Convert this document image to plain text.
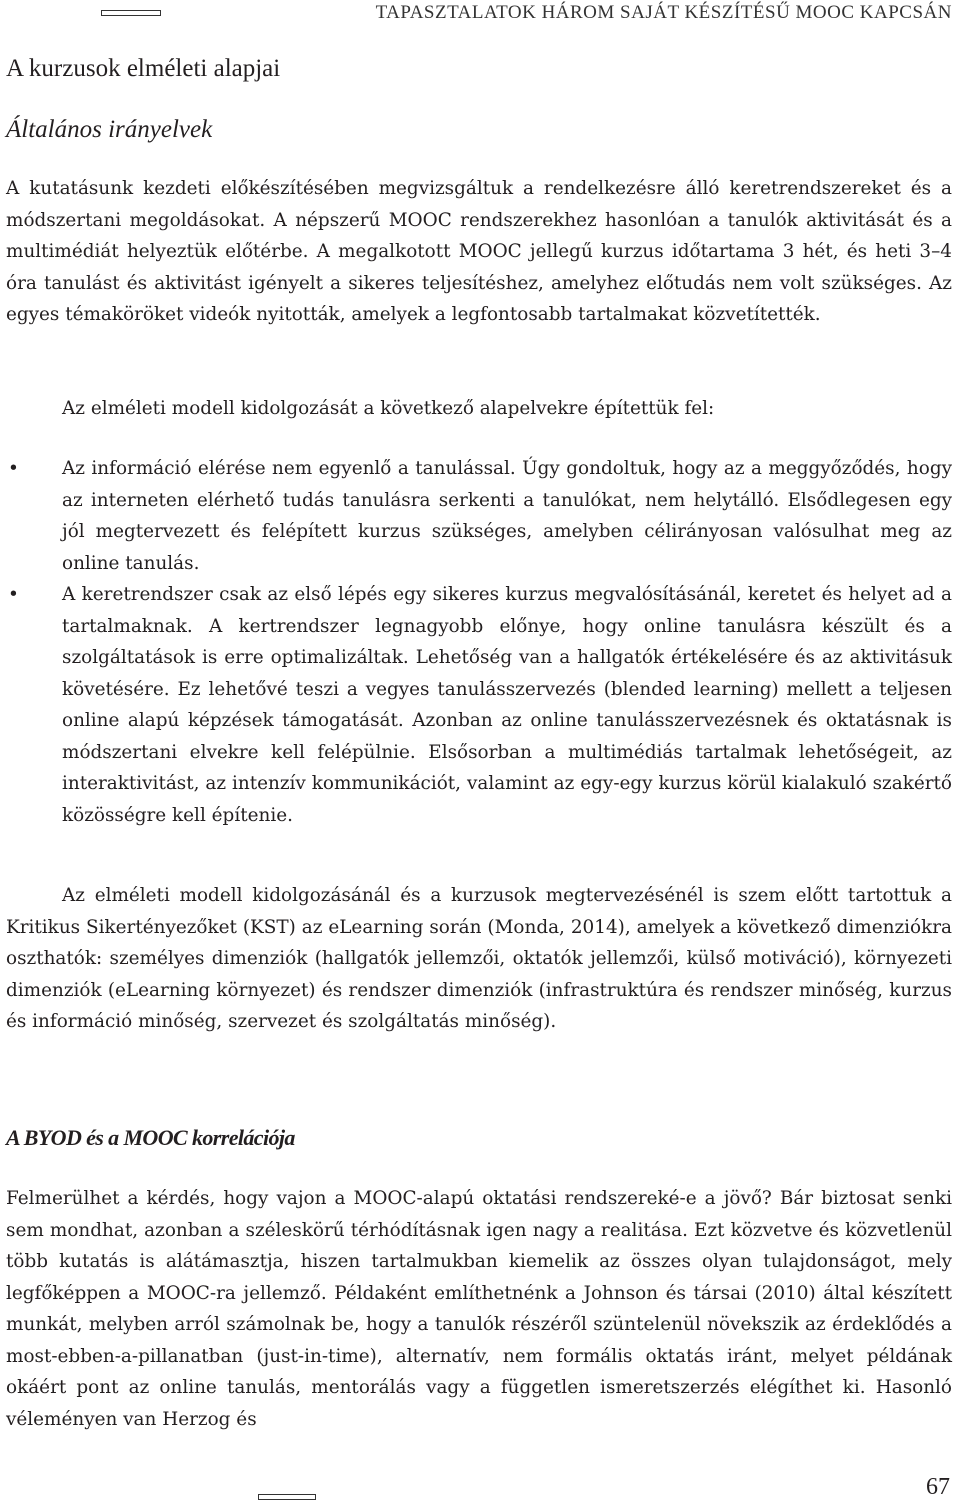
TAPASZTALATOK HÁROM SAJÁT KÉSZÍTÉSŰ MOOC KAPCSÁN
A kurzusok elméleti alapjai
Általános irányelvek

A kutatásunk kezdeti előkészítésében megvizsgáltuk a rendelkezésre álló keretrendszereket és a módszertani megoldásokat. A népszerű MOOC rendszerekhez hasonlóan a tanulók aktivitását és a multimédiát helyeztük előtérbe. A megalkotott MOOC jellegű kurzus időtartama 3 hét, és heti 3–4 óra tanulást és aktivitást igényelt a sikeres teljesítéshez, amelyhez előtudás nem volt szükséges. Az egyes témaköröket videók nyitották, amelyek a legfontosabb tartalmakat közvetítették.

Az elméleti modell kidolgozását a következő alapelvekre építettük fel:

• Az információ elérése nem egyenlő a tanulással. Úgy gondoltuk, hogy az a meggyőződés, hogy az interneten elérhető tudás tanulásra serkenti a tanulókat, nem helytálló. Elsődlegesen egy jól megtervezett és felépített kurzus szükséges, amelyben célirányosan valósulhat meg az online tanulás.
• A keretrendszer csak az első lépés egy sikeres kurzus megvalósításánál, keretet és helyet ad a tartalmaknak. A kertrendszer legnagyobb előnye, hogy online tanulásra készült és a szolgáltatások is erre optimalizáltak. Lehetőség van a hallgatók értékelésére és az aktivitásuk követésére. Ez lehetővé teszi a vegyes tanulásszervezés (blended learning) mellett a teljesen online alapú képzések támogatását. Azonban az online tanulásszervezésnek és oktatásnak is módszertani elvekre kell felépülnie. Elsősorban a multimédiás tartalmak lehetőségeit, az interaktivitást, az intenzív kommunikációt, valamint az egy-egy kurzus körül kialakuló szakértő közösségre kell építenie.

Az elméleti modell kidolgozásánál és a kurzusok megtervezésénél is szem előtt tartottuk a Kritikus Sikertényezőket (KST) az eLearning során (Monda, 2014), amelyek a következő dimenziókra oszthatók: személyes dimenziók (hallgatók jellemzői, oktatók jellemzői, külső motiváció), környezeti dimenziók (eLearning környezet) és rendszer dimenziók (infrastruktúra és rendszer minőség, kurzus és információ minőség, szervezet és szolgáltatás minőség).

A BYOD és a MOOC korrelációja

Felmerülhet a kérdés, hogy vajon a MOOC-alapú oktatási rendszereké-e a jövő? Bár biztosat senki sem mondhat, azonban a széleskörű térhódításnak igen nagy a realitása. Ezt közvetve és közvetlenül több kutatás is alátámasztja, hiszen tartalmukban kiemelik az összes olyan tulajdonságot, mely legfőképpen a MOOC-ra jellemző. Példaként említhetnénk a Johnson és társai (2010) által készített munkát, melyben arról számolnak be, hogy a tanulók részéről szüntelenül növekszik az érdeklődés a most-ebben-a-pillanatban (just-in-time), alternatív, nem formális oktatás iránt, melyet példának okáért pont az online tanulás, mentorálás vagy a független ismeretszerzés elégíthet ki. Hasonló véleményen van Herzog és

67
